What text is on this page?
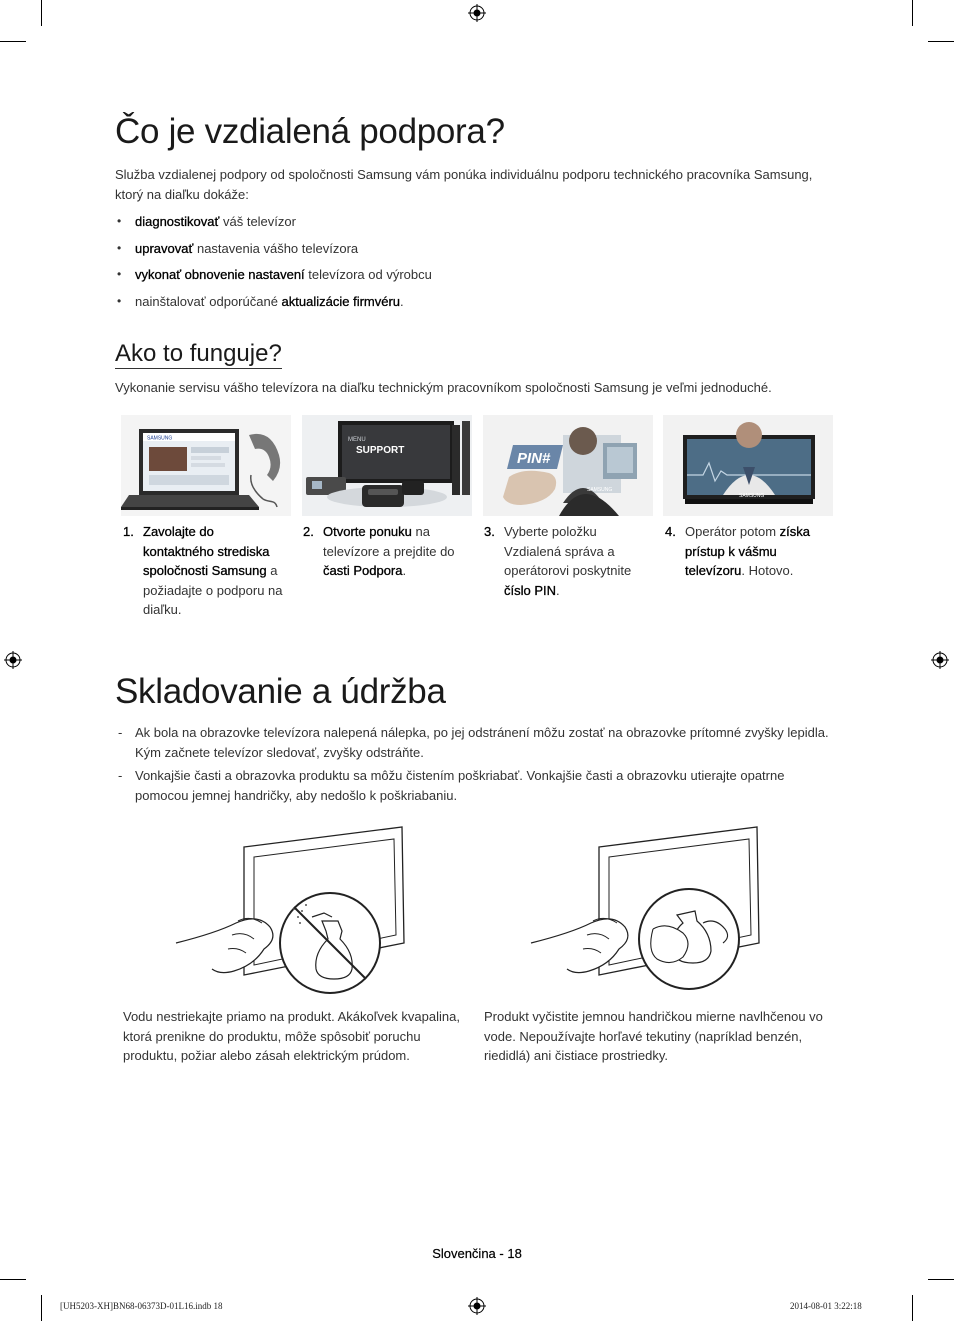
Čo je vzdialená podpora?

Služba vzdialenej podpory od spoločnosti Samsung vám ponúka individuálnu podporu technického pracovníka Samsung, ktorý na diaľku dokáže:

• diagnostikovať váš televízor
• upravovať nastavenia vášho televízora
• vykonať obnovenie nastavení televízora od výrobcu
• nainštalovať odporúčané aktualizácie firmvéru.
Ako to funguje?

Vykonanie servisu vášho televízora na diaľku technickým pracovníkom spoločnosti Samsung je veľmi jednoduché.

SAMSUNG	MENU
SUPPORT	PIN#
SAMSUNG
SAMSUNG
1. Zavolajte do kontaktného strediska spoločnosti Samsung a požiadajte o podporu na diaľku.
2. Otvorte ponuku na televízore a prejdite do časti Podpora.
3. Vyberte položku Vzdialená správa a operátorovi poskytnite číslo PIN.
4. Operátor potom získa prístup k vášmu televízoru. Hotovo.
Skladovanie a údržba
- Ak bola na obrazovke televízora nalepená nálepka, po jej odstránení môžu zostať na obrazovke prítomné zvyšky lepidla. Kým začnete televízor sledovať, zvyšky odstráňte.
- Vonkajšie časti a obrazovka produktu sa môžu čistením poškriabať. Vonkajšie časti a obrazovku utierajte opatrne pomocou jemnej handričky, aby nedošlo k poškriabaniu.

Vodu nestriekajte priamo na produkt. Akákoľvek kvapalina, ktorá prenikne do produktu, môže spôsobiť poruchu produktu, požiar alebo zásah elektrickým prúdom.

Produkt vyčistite jemnou handričkou mierne navlhčenou vo vode. Nepoužívajte horľavé tekutiny (napríklad benzén, riedidlá) ani čistiace prostriedky.

Slovenčina - 18
[UH5203-XH]BN68-06373D-01L16.indb 18	2014-08-01 3:22:18
